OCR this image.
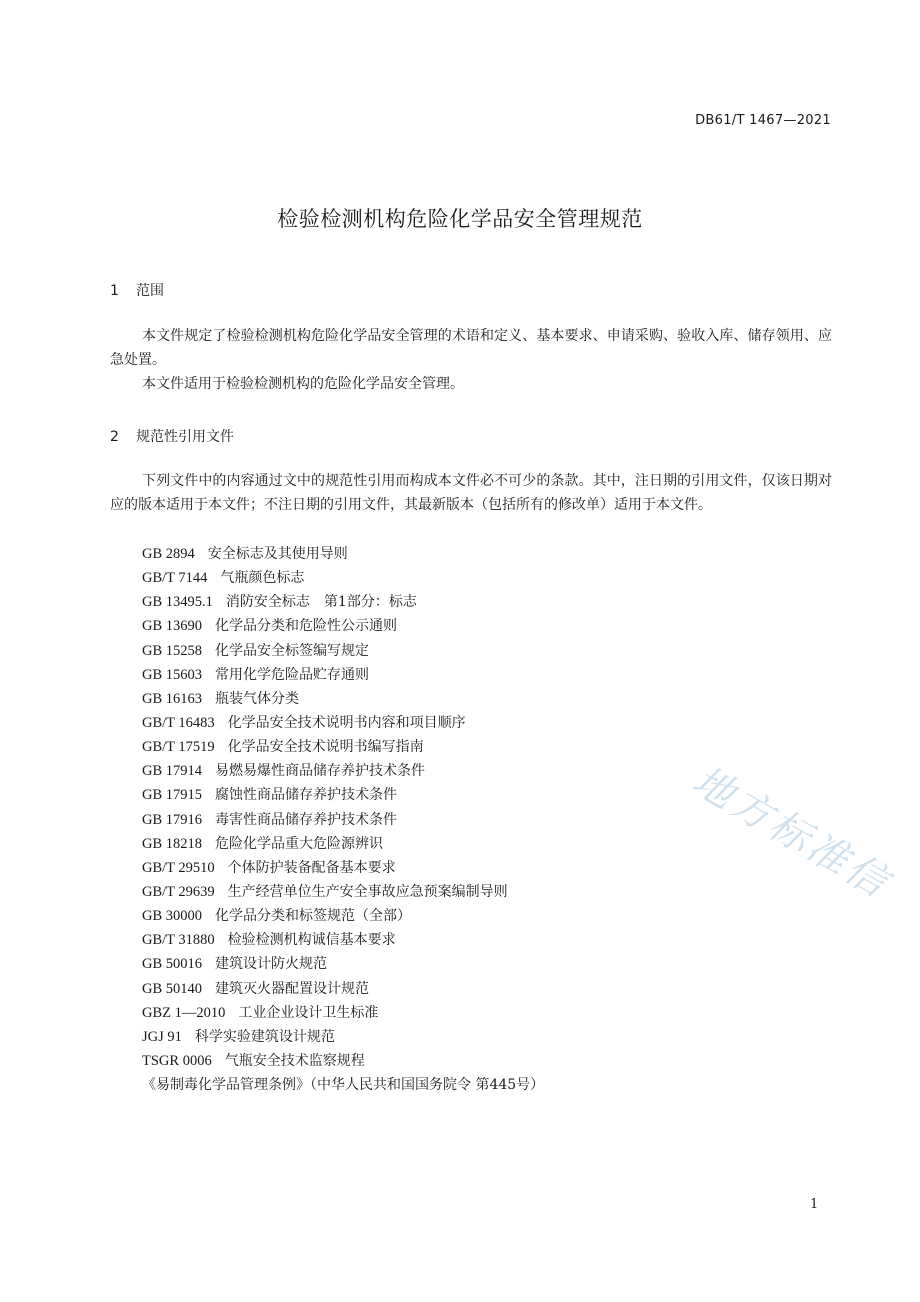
DB61/T 1467—2021
检验检测机构危险化学品安全管理规范
1 范围

本文件规定了检验检测机构危险化学品安全管理的术语和定义、基本要求、申请采购、验收入库、储存领用、应急处置。

本文件适用于检验检测机构的危险化学品安全管理。

2 规范性引用文件

下列文件中的内容通过文中的规范性引用而构成本文件必不可少的条款。其中，注日期的引用文件，仅该日期对应的版本适用于本文件；不注日期的引用文件，其最新版本（包括所有的修改单）适用于本文件。

GB 2894 安全标志及其使用导则
GB/T 7144 气瓶颜色标志
GB 13495.1 消防安全标志　第1部分：标志
GB 13690 化学品分类和危险性公示通则
GB 15258 化学品安全标签编写规定
GB 15603 常用化学危险品贮存通则
GB 16163 瓶装气体分类
GB/T 16483 化学品安全技术说明书内容和项目顺序
GB/T 17519 化学品安全技术说明书编写指南
GB 17914 易燃易爆性商品储存养护技术条件
GB 17915 腐蚀性商品储存养护技术条件
GB 17916 毒害性商品储存养护技术条件
GB 18218 危险化学品重大危险源辨识
GB/T 29510 个体防护装备配备基本要求
GB/T 29639 生产经营单位生产安全事故应急预案编制导则
GB 30000 化学品分类和标签规范（全部）
GB/T 31880 检验检测机构诚信基本要求
GB 50016 建筑设计防火规范
GB 50140 建筑灭火器配置设计规范
GBZ 1—2010 工业企业设计卫生标准
JGJ 91 科学实验建筑设计规范
TSGR 0006 气瓶安全技术监察规程
《易制毒化学品管理条例》（中华人民共和国国务院令 第445号）
地方标准信
1
